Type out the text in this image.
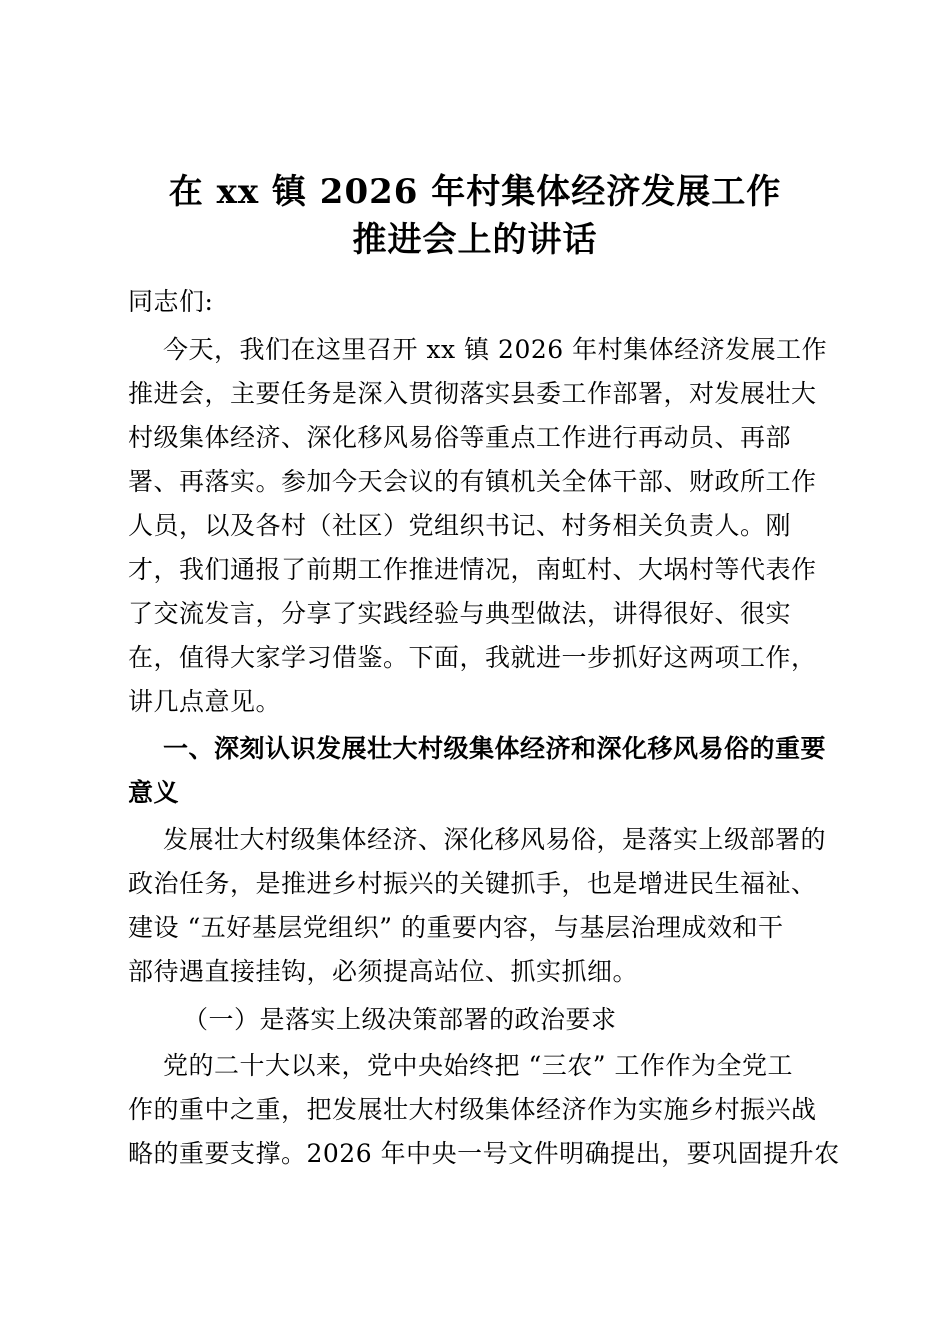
在 xx 镇 2026 年村集体经济发展工作
推进会上的讲话
同志们:
今天，我们在这里召开 xx 镇 2026 年村集体经济发展工作
推进会，主要任务是深入贯彻落实县委工作部署，对发展壮大
村级集体经济、深化移风易俗等重点工作进行再动员、再部
署、再落实。参加今天会议的有镇机关全体干部、财政所工作
人员，以及各村（社区）党组织书记、村务相关负责人。刚
才，我们通报了前期工作推进情况，南虹村、大埚村等代表作
了交流发言，分享了实践经验与典型做法，讲得很好、很实
在，值得大家学习借鉴。下面，我就进一步抓好这两项工作，
讲几点意见。
一、深刻认识发展壮大村级集体经济和深化移风易俗的重要
意义
发展壮大村级集体经济、深化移风易俗，是落实上级部署的
政治任务，是推进乡村振兴的关键抓手，也是增进民生福祉、
建设 “五好基层党组织” 的重要内容，与基层治理成效和干
部待遇直接挂钩，必须提高站位、抓实抓细。
（一）是落实上级决策部署的政治要求
党的二十大以来，党中央始终把 “三农” 工作作为全党工
作的重中之重，把发展壮大村级集体经济作为实施乡村振兴战
略的重要支撑。2026 年中央一号文件明确提出，要巩固提升农
